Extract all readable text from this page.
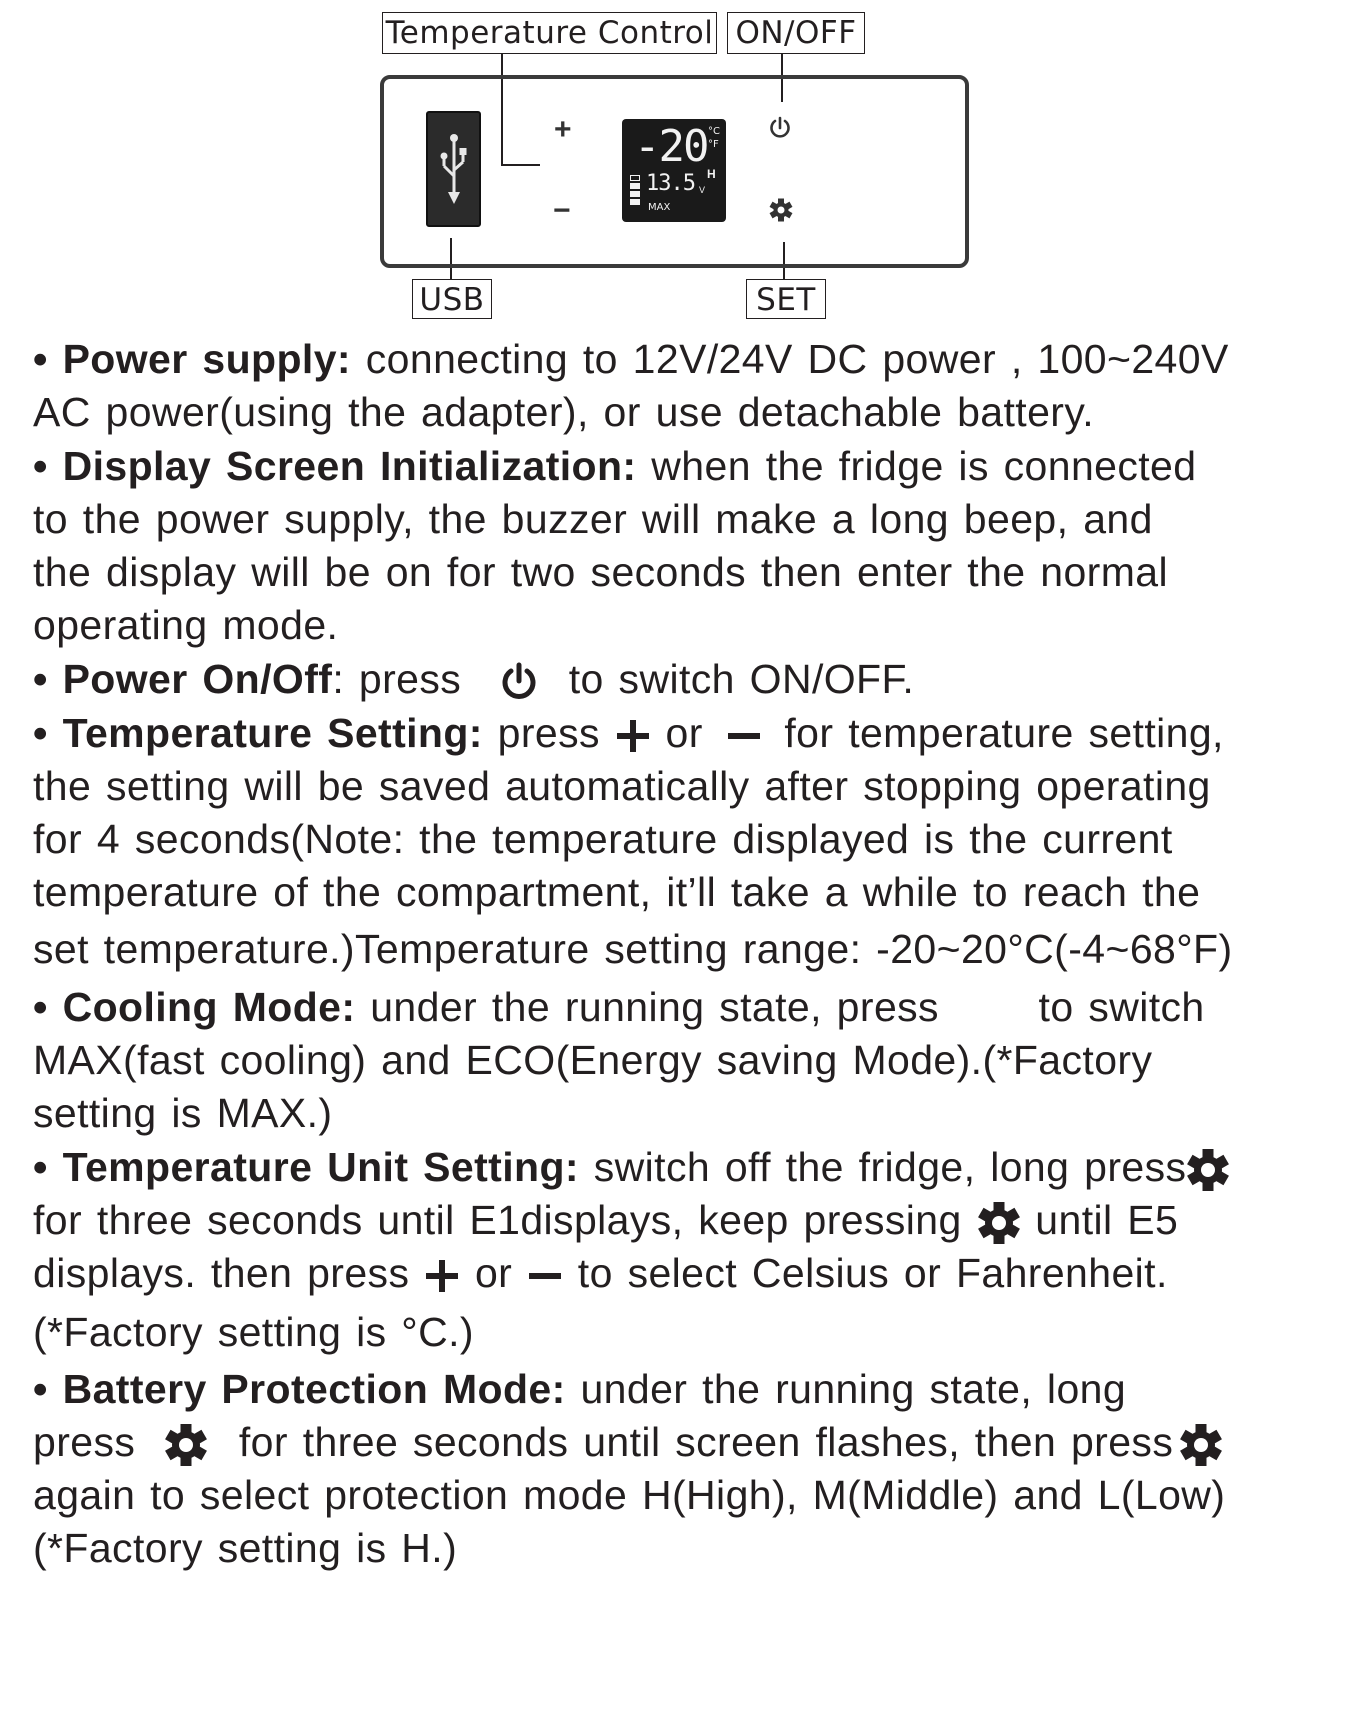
Temperature Control ON/OFF
USB	SET
+
−
-20 °C
°F
H
13.5 V
MAX
• Power supply: connecting to 12V/24V DC power , 100~240V
AC power(using the adapter), or use detachable battery.
• Display Screen Initialization: when the fridge is connected
to the power supply, the buzzer will make a long beep, and
the display will be on for two seconds then enter the normal
operating mode.
• Power On/Off: press  to switch ON/OFF.
• Temperature Setting: press  or  for temperature setting,
the setting will be saved automatically after stopping operating
for 4 seconds(Note: the temperature displayed is the current
temperature of the compartment, it’ll take a while to reach the
set temperature.)Temperature setting range: -20~20°C(-4~68°F)
• Cooling Mode: under the running state, press  to switch
MAX(fast cooling) and ECO(Energy saving Mode).(*Factory
setting is MAX.)
• Temperature Unit Setting: switch off the fridge, long press
for three seconds until E1displays, keep pressing  until E5
displays. then press  or  to select Celsius or Fahrenheit.
(*Factory setting is °C.)
• Battery Protection Mode: under the running state, long
press  for three seconds until screen flashes, then press
again to select protection mode H(High), M(Middle) and L(Low)
(*Factory setting is H.)
